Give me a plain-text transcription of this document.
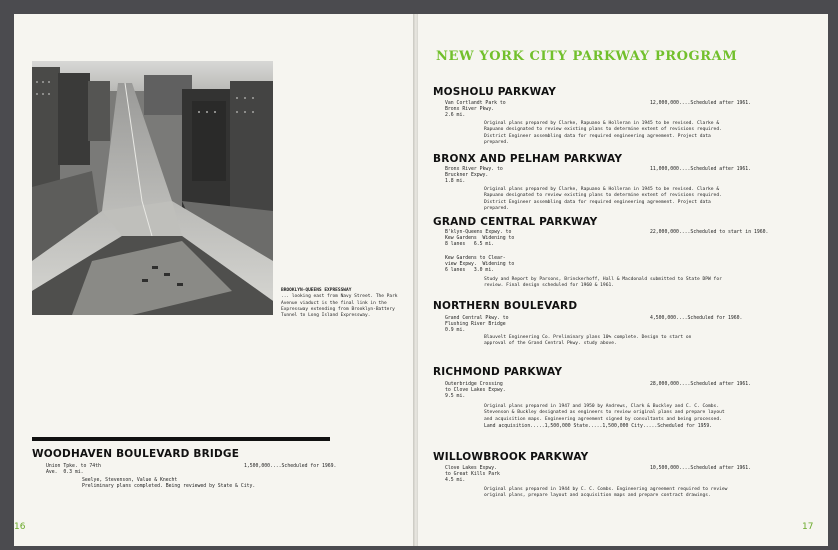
BROOKLYN-QUEENS EXPRESSWAY
... looking east from Navy Street. The Park Avenue viaduct is the final link in the Expressway extending from Brooklyn-Battery Tunnel to Long Island Expressway.
WOODHAVEN BOULEVARD BRIDGE
Union Tpke. to 74th
Ave.  0.3 mi.
1,500,000....Scheduled for 1969.
Seelye, Stevenson, Value & Knecht
Preliminary plans completed. Being reviewed by State & City.
16
NEW YORK CITY PARKWAY PROGRAM
MOSHOLU PARKWAY
Van Cortlandt Park to
Bronx River Pkwy.
2.6 mi.
12,000,000....Scheduled after 1961.
Original plans prepared by Clarke, Rapuano & Holleran in 1945 to be revised. Clarke & Rapuano designated to review existing plans to determine extent of revisions required. District Engineer assembling data for required engineering agreement. Project data prepared.
BRONX AND PELHAM PARKWAY
Bronx River Pkwy. to
Bruckner Expwy.
1.8 mi.
11,000,000....Scheduled after 1961.
Original plans prepared by Clarke, Rapuano & Holleran in 1945 to be revised. Clarke & Rapuano designated to review existing plans to determine extent of revisions required. District Engineer assembling data for required engineering agreement. Project data prepared.
GRAND CENTRAL PARKWAY
B'klyn-Queens Expwy. to
Kew Gardens  Widening to
8 lanes   6.5 mi.
22,000,000....Scheduled to start in 1960.
Kew Gardens to Clear-
view Expwy.  Widening to
6 lanes   3.0 mi.
Study and Report by Parsons, Brinckerhoff, Hall & Macdonald submitted to State DPW for review. Final design scheduled for 1960 & 1961.
NORTHERN BOULEVARD
Grand Central Pkwy. to
Flushing River Bridge
0.9 mi.
4,500,000....Scheduled for 1960.
Blauvelt Engineering Co. Preliminary plans 10% complete. Design to start on approval of the Grand Central Pkwy. study above.
RICHMOND PARKWAY
Outerbridge Crossing
to Clove Lakes Expwy.
9.5 mi.
28,000,000....Scheduled after 1961.
Original plans prepared in 1947 and 1950 by Andrews, Clark & Buckley and C. C. Combs. Stevenson & Buckley designated as engineers to review original plans and prepare layout and acquisition maps. Engineering agreement signed by consultants and being processed.
Land acquisition.....1,500,000 State.....1,500,000 City.....Scheduled for 1959.
WILLOWBROOK PARKWAY
Clove Lakes Expwy.
to Great Kills Park
4.5 mi.
10,500,000....Scheduled after 1961.
Original plans prepared in 1944 by C. C. Combs. Engineering agreement required to review original plans, prepare layout and acquisition maps and prepare contract drawings.
17
